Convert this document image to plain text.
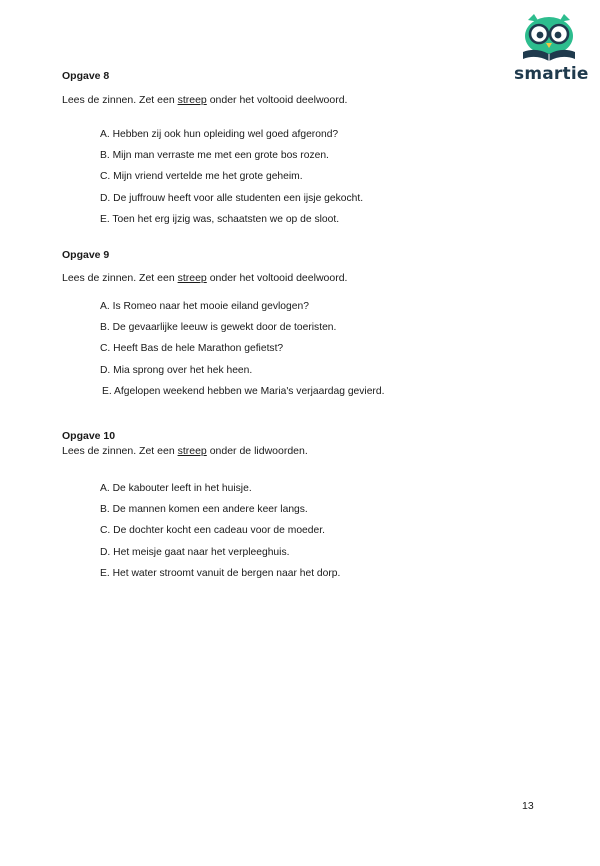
smartie

Opgave 8

Lees de zinnen. Zet een streep onder het voltooid deelwoord.

A. Hebben zij ook hun opleiding wel goed afgerond?
B. Mijn man verraste me met een grote bos rozen.
C. Mijn vriend vertelde me het grote geheim.
D. De juffrouw heeft voor alle studenten een ijsje gekocht.
E. Toen het erg ijzig was, schaatsten we op de sloot.

Opgave 9

Lees de zinnen. Zet een streep onder het voltooid deelwoord.

A. Is Romeo naar het mooie eiland gevlogen?
B. De gevaarlijke leeuw is gewekt door de toeristen.
C. Heeft Bas de hele Marathon gefietst?
D. Mia sprong over het hek heen.
E. Afgelopen weekend hebben we Maria's verjaardag gevierd.

Opgave 10

Lees de zinnen. Zet een streep onder de lidwoorden.

A. De kabouter leeft in het huisje.
B. De mannen komen een andere keer langs.
C. De dochter kocht een cadeau voor de moeder.
D. Het meisje gaat naar het verpleeghuis.
E. Het water stroomt vanuit de bergen naar het dorp.
13
